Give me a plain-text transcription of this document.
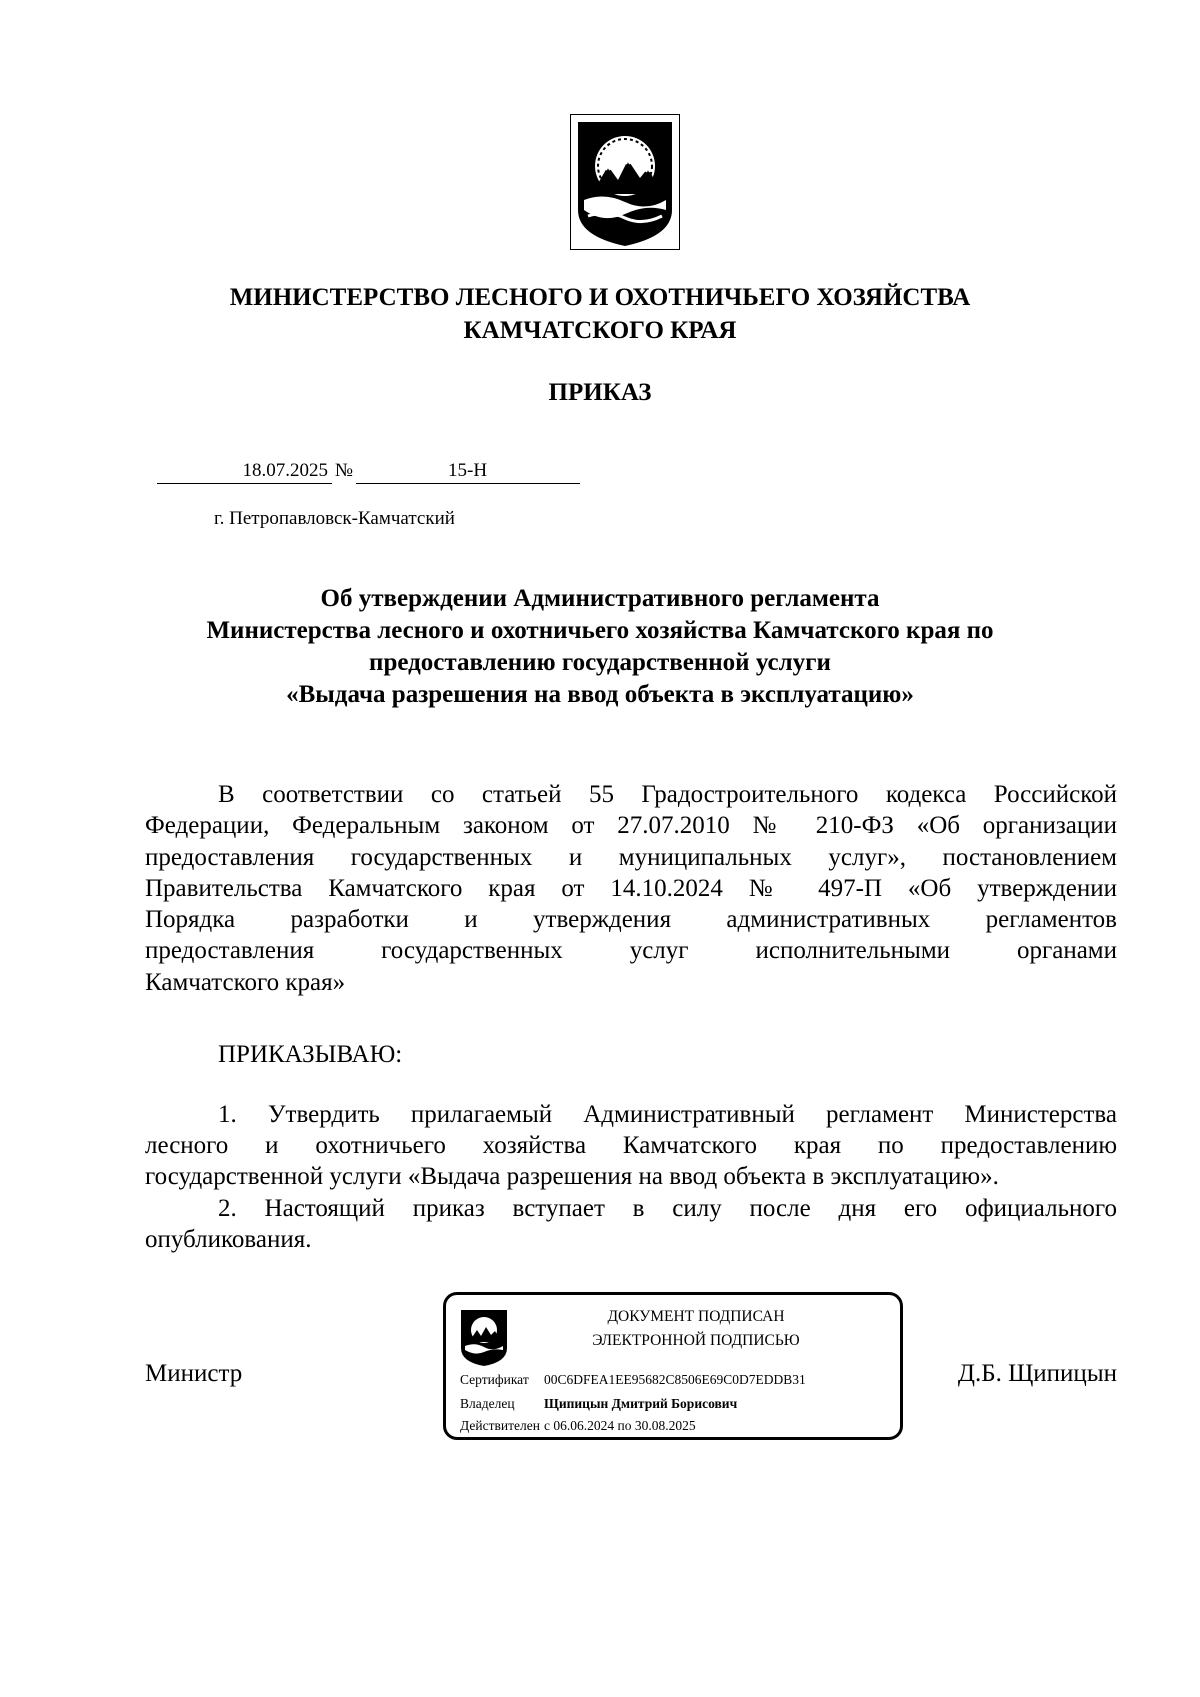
МИНИСТЕРСТВО ЛЕСНОГО И ОХОТНИЧЬЕГО ХОЗЯЙСТВА
КАМЧАТСКОГО КРАЯ
ПРИКАЗ
18.07.2025 №	15-Н

г. Петропавловск-Камчатский
Об утверждении Административного регламента
Министерства лесного и охотничьего хозяйства Камчатского края по
предоставлению государственной услуги
«Выдача разрешения на ввод объекта в эксплуатацию»
В соответствии со статьей 55 Градостроительного кодекса Российской
Федерации, Федеральным законом от 27.07.2010 № 210-ФЗ «Об организации
предоставления государственных и муниципальных услуг», постановлением
Правительства Камчатского края от 14.10.2024 № 497-П «Об утверждении
Порядка разработки и утверждения административных регламентов
предоставления государственных услуг исполнительными органами
Камчатского края»
ПРИКАЗЫВАЮ:
1. Утвердить прилагаемый Административный регламент Министерства
лесного и охотничьего хозяйства Камчатского края по предоставлению
государственной услуги «Выдача разрешения на ввод объекта в эксплуатацию».
2. Настоящий приказ вступает в силу после дня его официального
опубликования.
Министр	Д.Б. Щипицын
ДОКУМЕНТ ПОДПИСАН
ЭЛЕКТРОННОЙ ПОДПИСЬЮ
Сертификат 00C6DFEA1EE95682C8506E69C0D7EDDB31
Владелец Щипицын Дмитрий Борисович
Действителен с 06.06.2024 по 30.08.2025
